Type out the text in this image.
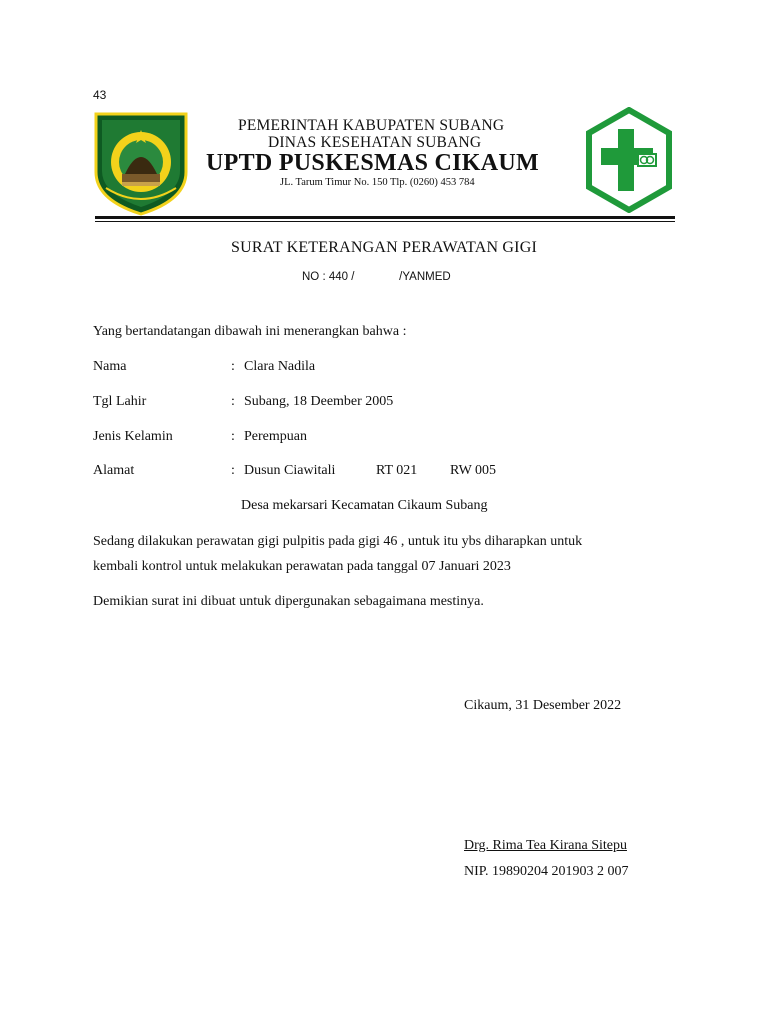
43
PEMERINTAH KABUPATEN SUBANG
DINAS KESEHATAN SUBANG
UPTD PUSKESMAS CIKAUM
JL. Tarum Timur No. 150 Tlp. (0260) 453 784
SURAT KETERANGAN PERAWATAN GIGI
NO : 440 /              /YANMED
Yang bertandatangan dibawah ini menerangkan bahwa :
Nama	: Clara Nadila
Tgl Lahir	: Subang, 18 Deember 2005
Jenis Kelamin	: Perempuan
Alamat	: Dusun Ciawitali	RT 021 RW 005
Desa mekarsari Kecamatan Cikaum Subang
Sedang dilakukan perawatan gigi pulpitis pada gigi 46 , untuk itu ybs diharapkan untuk
kembali kontrol untuk melakukan perawatan pada tanggal 07 Januari 2023
Demikian surat ini dibuat untuk dipergunakan sebagaimana mestinya.
Cikaum, 31 Desember 2022
Drg. Rima Tea Kirana Sitepu
NIP. 19890204 201903 2 007
